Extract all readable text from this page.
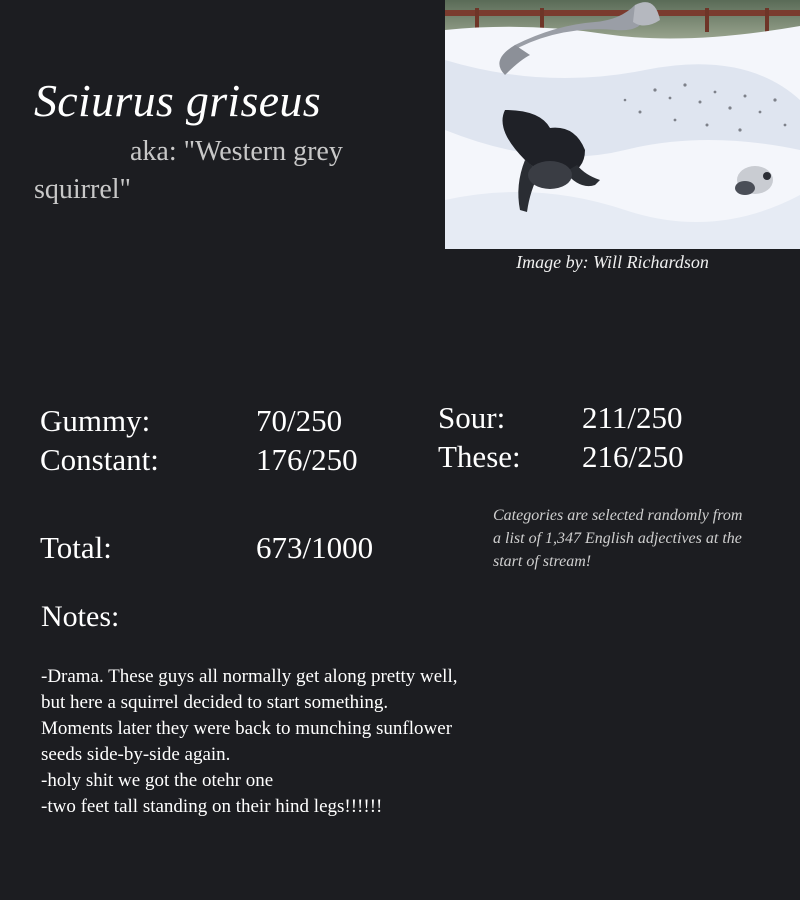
Sciurus griseus
aka: "Western grey squirrel"
Image by: Will Richardson
Gummy:	70/250
Constant:	176/250
Sour: 211/250
These: 216/250
Total:	673/1000
Categories are selected randomly from a list of 1,347 English adjectives at the start of stream!
Notes:
-Drama. These guys all normally get along pretty well,
but here a squirrel decided to start something.
Moments later they were back to munching sunflower
seeds side-by-side again.
-holy shit we got the otehr one
-two feet tall standing on their hind legs!!!!!!
